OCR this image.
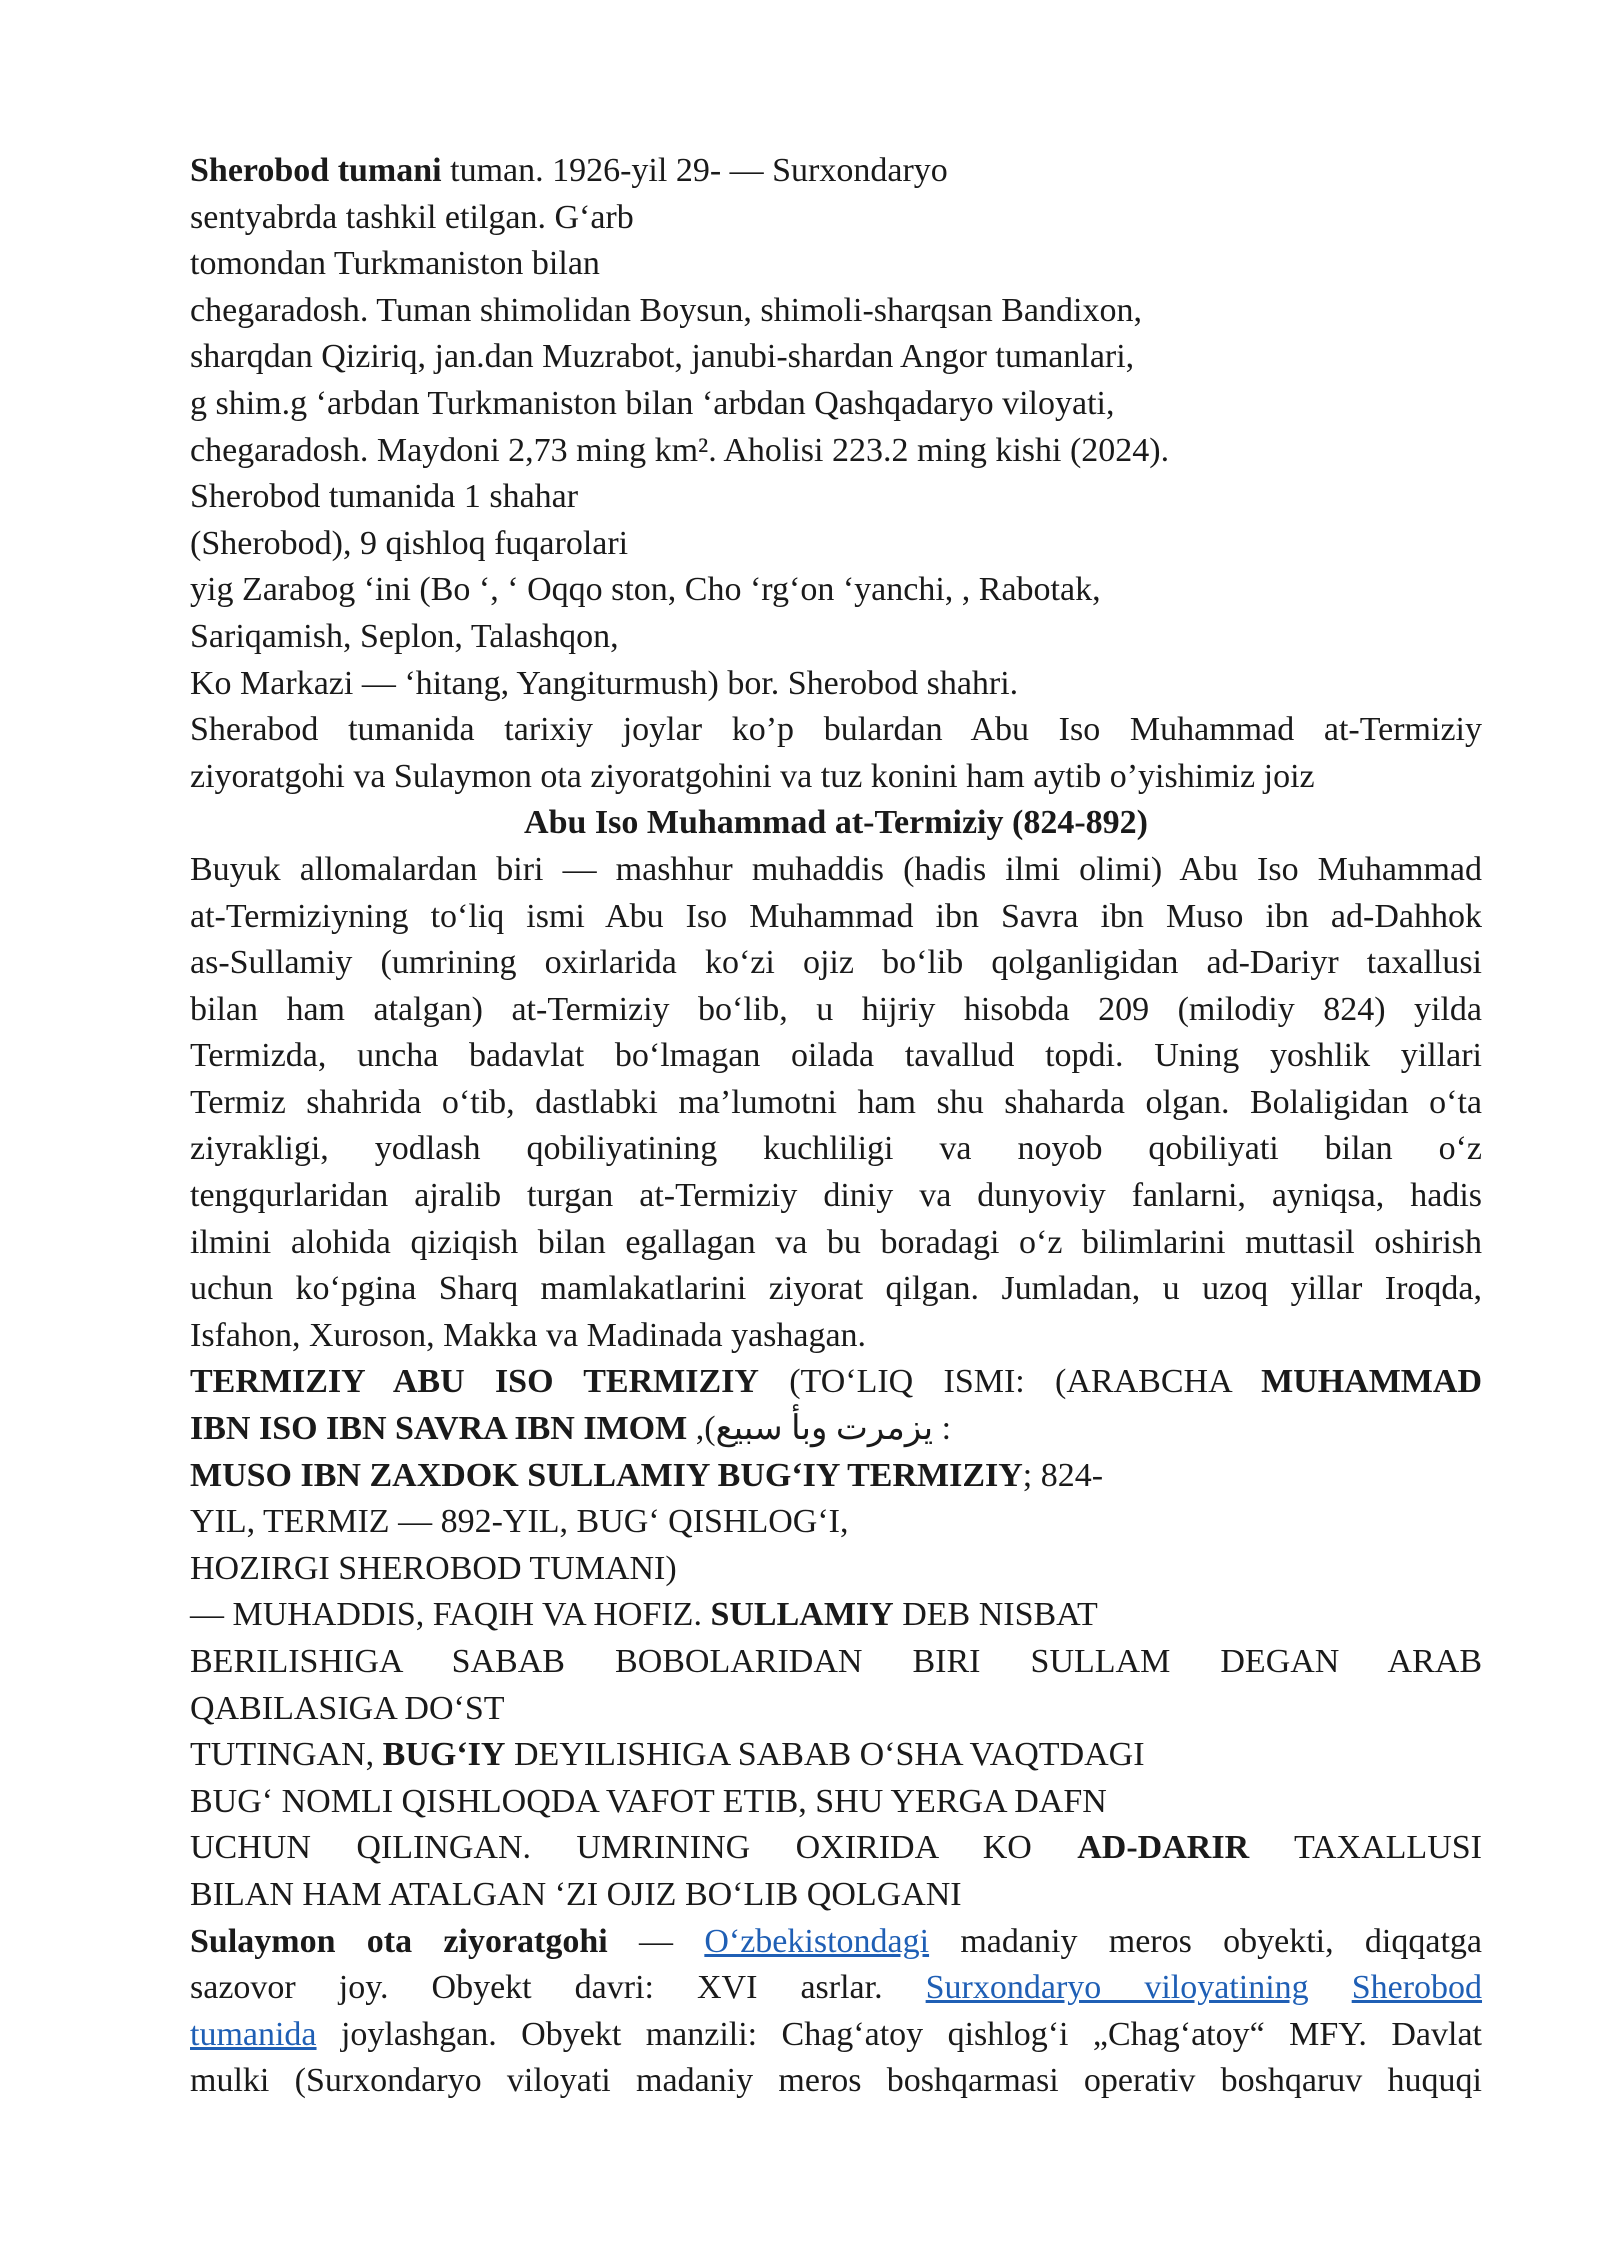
Sherobod tumani tuman. 1926-yil 29- — Surxondaryo
sentyabrda tashkil etilgan. G‘arb
tomondan Turkmaniston bilan
chegaradosh. Tuman shimolidan Boysun, shimoli-sharqsan Bandixon,
sharqdan Qiziriq, jan.dan Muzrabot, janubi-shardan Angor tumanlari,
g shim.g ‘arbdan Turkmaniston bilan ‘arbdan Qashqadaryo viloyati,
chegaradosh. Maydoni 2,73 ming km². Aholisi 223.2 ming kishi (2024).
Sherobod tumanida 1 shahar
(Sherobod), 9 qishloq fuqarolari
yig Zarabog ‘ini (Bo ‘, ‘ Oqqo ston, Cho ‘rg‘on ‘yanchi, , Rabotak,
Sariqamish, Seplon, Talashqon,
Ko Markazi — ‘hitang, Yangiturmush) bor. Sherobod shahri.
Sherabod tumanida tarixiy joylar ko’p bulardan Abu Iso Muhammad at-Termiziy
ziyoratgohi va Sulaymon ota ziyoratgohini va tuz konini ham aytib o’yishimiz joiz
Abu Iso Muhammad at-Termiziy (824-892)
Buyuk allomalardan biri — mashhur muhaddis (hadis ilmi olimi) Abu Iso Muhammad
at-Termiziyning to‘liq ismi Abu Iso Muhammad ibn Savra ibn Muso ibn ad-Dahhok
as-Sullamiy (umrining oxirlarida ko‘zi ojiz bo‘lib qolganligidan ad-Dariyr taxallusi
bilan ham atalgan) at-Termiziy bo‘lib, u hijriy hisobda 209 (milodiy 824) yilda
Termizda, uncha badavlat bo‘lmagan oilada tavallud topdi. Uning yoshlik yillari
Termiz shahrida o‘tib, dastlabki ma’lumotni ham shu shaharda olgan. Bolaligidan o‘ta
ziyrakligi, yodlash qobiliyatining kuchliligi va noyob qobiliyati bilan o‘z
tengqurlaridan ajralib turgan at-Termiziy diniy va dunyoviy fanlarni, ayniqsa, hadis
ilmini alohida qiziqish bilan egallagan va bu boradagi o‘z bilimlarini muttasil oshirish
uchun ko‘pgina Sharq mamlakatlarini ziyorat qilgan. Jumladan, u uzoq yillar Iroqda,
Isfahon, Xuroson, Makka va Madinada yashagan.
TERMIZIY ABU ISO TERMIZIY (TO‘LIQ ISMI: (ARABCHA MUHAMMAD
IBN ISO IBN SAVRA IBN IMOM ,(يزمرت وبأ سبيع :
MUSO IBN ZAXDOK SULLAMIY BUG‘IY TERMIZIY; 824-
YIL, TERMIZ — 892-YIL, BUG‘ QISHLOG‘I,
HOZIRGI SHEROBOD TUMANI)
— MUHADDIS, FAQIH VA HOFIZ. SULLAMIY DEB NISBAT
BERILISHIGA SABAB BOBOLARIDAN BIRI SULLAM DEGAN ARAB
QABILASIGA DO‘ST
TUTINGAN, BUG‘IY DEYILISHIGA SABAB O‘SHA VAQTDAGI
BUG‘ NOMLI QISHLOQDA VAFOT ETIB, SHU YERGA DAFN
UCHUN QILINGAN. UMRINING OXIRIDA KO AD-DARIR TAXALLUSI
BILAN HAM ATALGAN ‘ZI OJIZ BO‘LIB QOLGANI
Sulaymon ota ziyoratgohi — O‘zbekistondagi madaniy meros obyekti, diqqatga
sazovor joy. Obyekt davri: XVI asrlar. Surxondaryo viloyatining Sherobod
tumanida joylashgan. Obyekt manzili: Chag‘atoy qishlog‘i „Chag‘atoy“ MFY. Davlat
mulki (Surxondaryo viloyati madaniy meros boshqarmasi operativ boshqaruv huquqi
